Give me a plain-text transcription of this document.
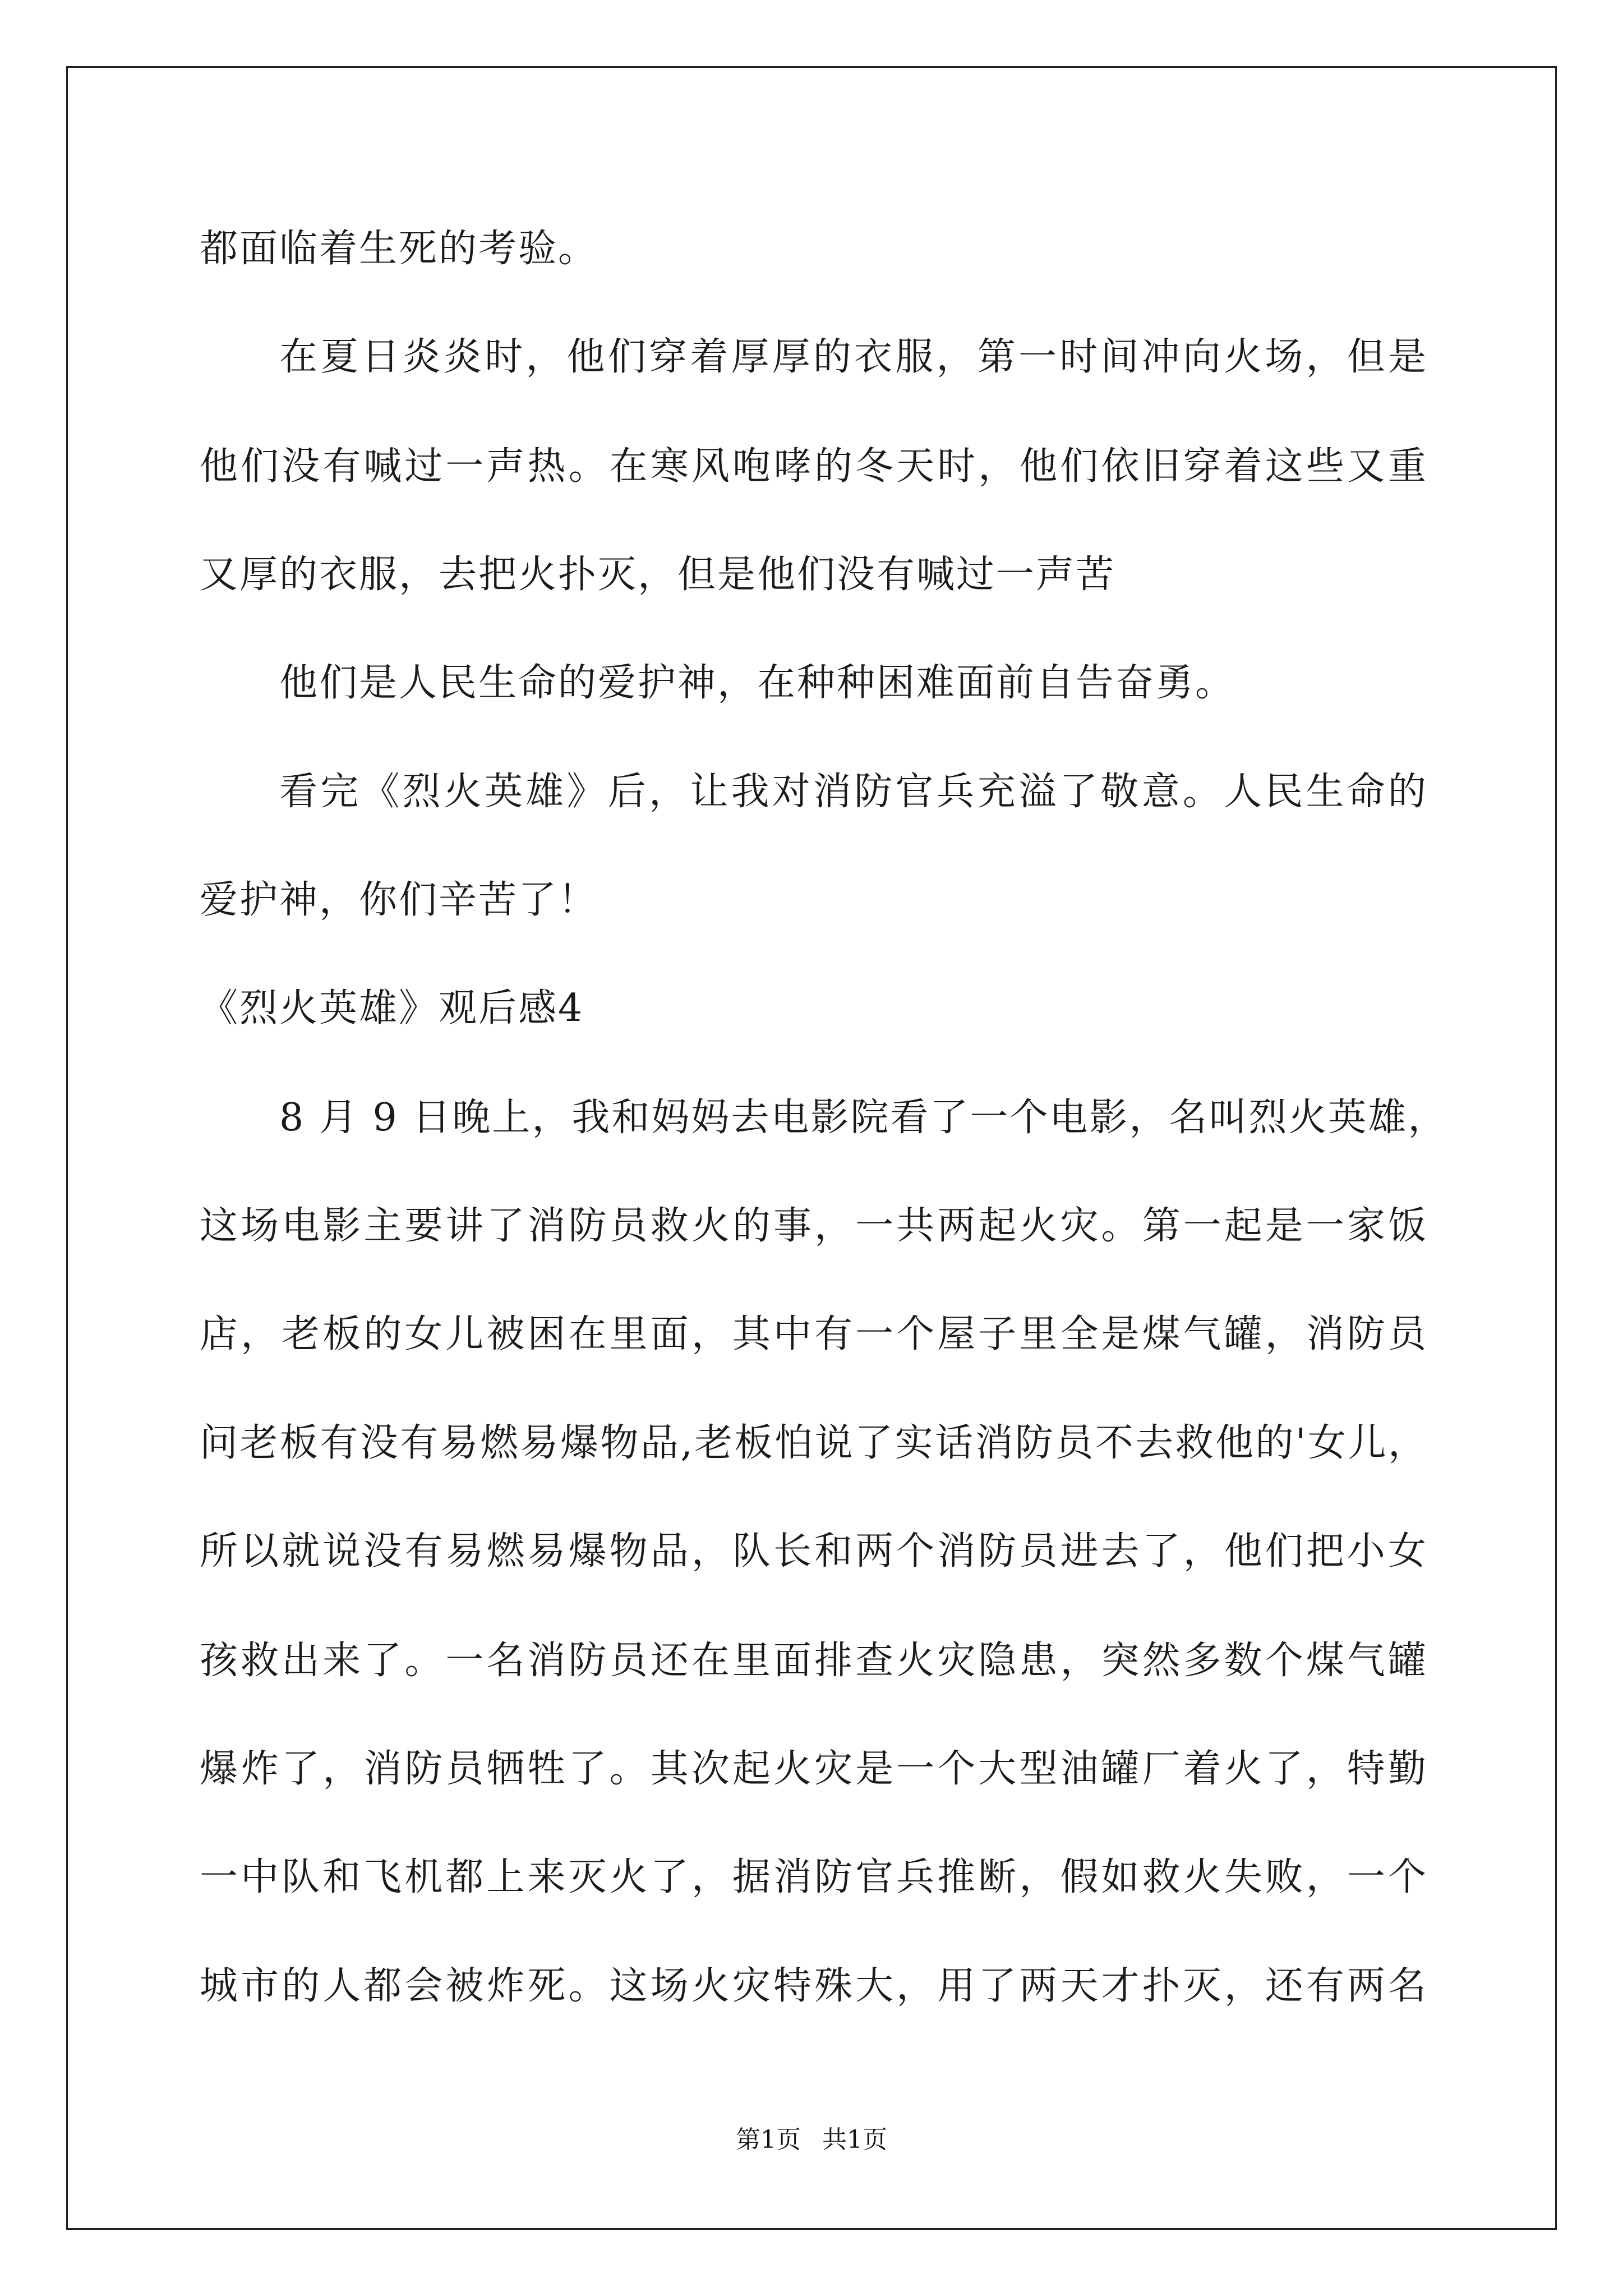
都面临着生死的考验。
在夏日炎炎时，他们穿着厚厚的衣服，第一时间冲向火场，但是
他们没有喊过一声热。在寒风咆哮的冬天时，他们依旧穿着这些又重
又厚的衣服，去把火扑灭，但是他们没有喊过一声苦
他们是人民生命的爱护神，在种种困难面前自告奋勇。
看完《烈火英雄》后，让我对消防官兵充溢了敬意。人民生命的
爱护神，你们辛苦了！
《烈火英雄》观后感4
8 月 9 日晚上，我和妈妈去电影院看了一个电影，名叫烈火英雄，
这场电影主要讲了消防员救火的事，一共两起火灾。第一起是一家饭
店，老板的女儿被困在里面，其中有一个屋子里全是煤气罐，消防员
问老板有没有易燃易爆物品,老板怕说了实话消防员不去救他的'女儿，
所以就说没有易燃易爆物品，队长和两个消防员进去了，他们把小女
孩救出来了。一名消防员还在里面排查火灾隐患，突然多数个煤气罐
爆炸了，消防员牺牲了。其次起火灾是一个大型油罐厂着火了，特勤
一中队和飞机都上来灭火了，据消防官兵推断，假如救火失败，一个
城市的人都会被炸死。这场火灾特殊大，用了两天才扑灭，还有两名
第1页 共1页
